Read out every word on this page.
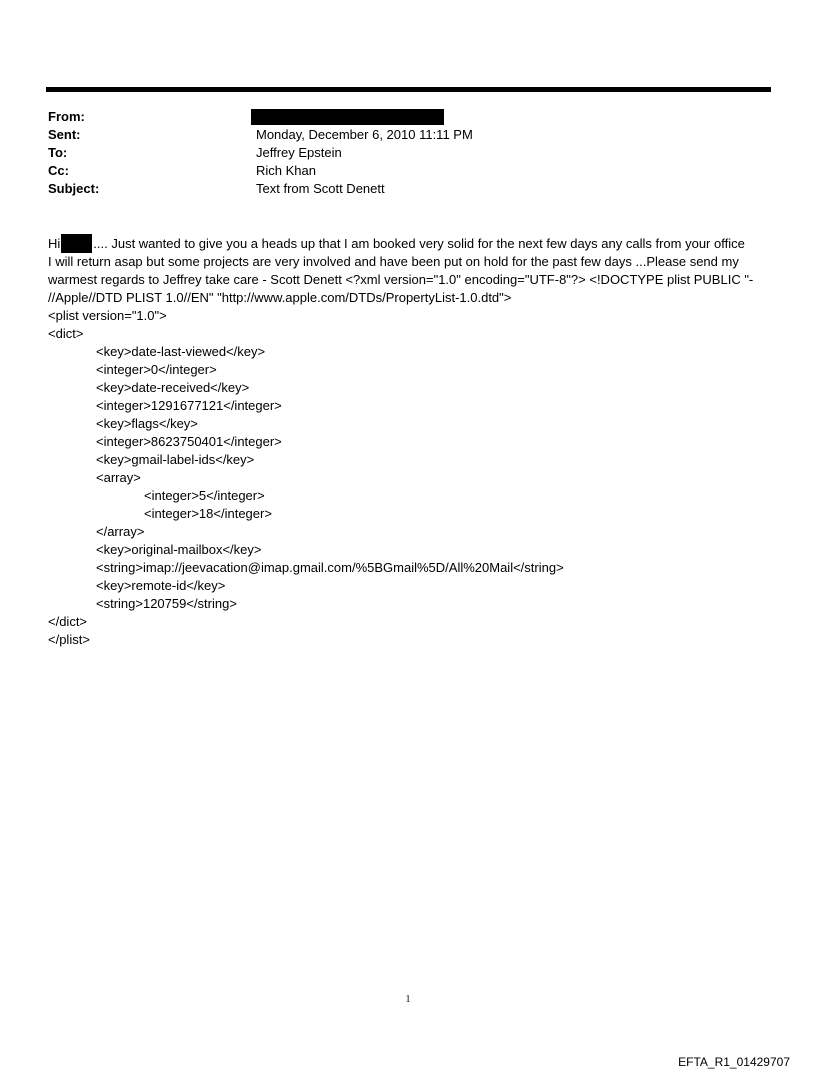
From:
Sent:	Monday, December 6, 2010 11:11 PM
To:	Jeffrey Epstein
Cc:	Rich Khan
Subject:	Text from Scott Denett
Hi	.... Just wanted to give you a heads up that I am booked very solid for the next few days any calls from your office
I will return asap but some projects are very involved and have been put on hold for the past few days ...Please send my
warmest regards to Jeffrey take care - Scott Denett <?xml version="1.0" encoding="UTF-8"?> <!DOCTYPE plist PUBLIC "-
//Apple//DTD PLIST 1.0//EN" "http://www.apple.com/DTDs/PropertyList-1.0.dtd">
<plist version="1.0">
<dict>
<key>date-last-viewed</key>
<integer>0</integer>
<key>date-received</key>
<integer>1291677121</integer>
<key>flags</key>
<integer>8623750401</integer>
<key>gmail-label-ids</key>
<array>
<integer>5</integer>
<integer>18</integer>
</array>
<key>original-mailbox</key>
<string>imap://jeevacation@imap.gmail.com/%5BGmail%5D/All%20Mail</string>
<key>remote-id</key>
<string>120759</string>
</dict>
</plist>
1
EFTA_R1_01429707
